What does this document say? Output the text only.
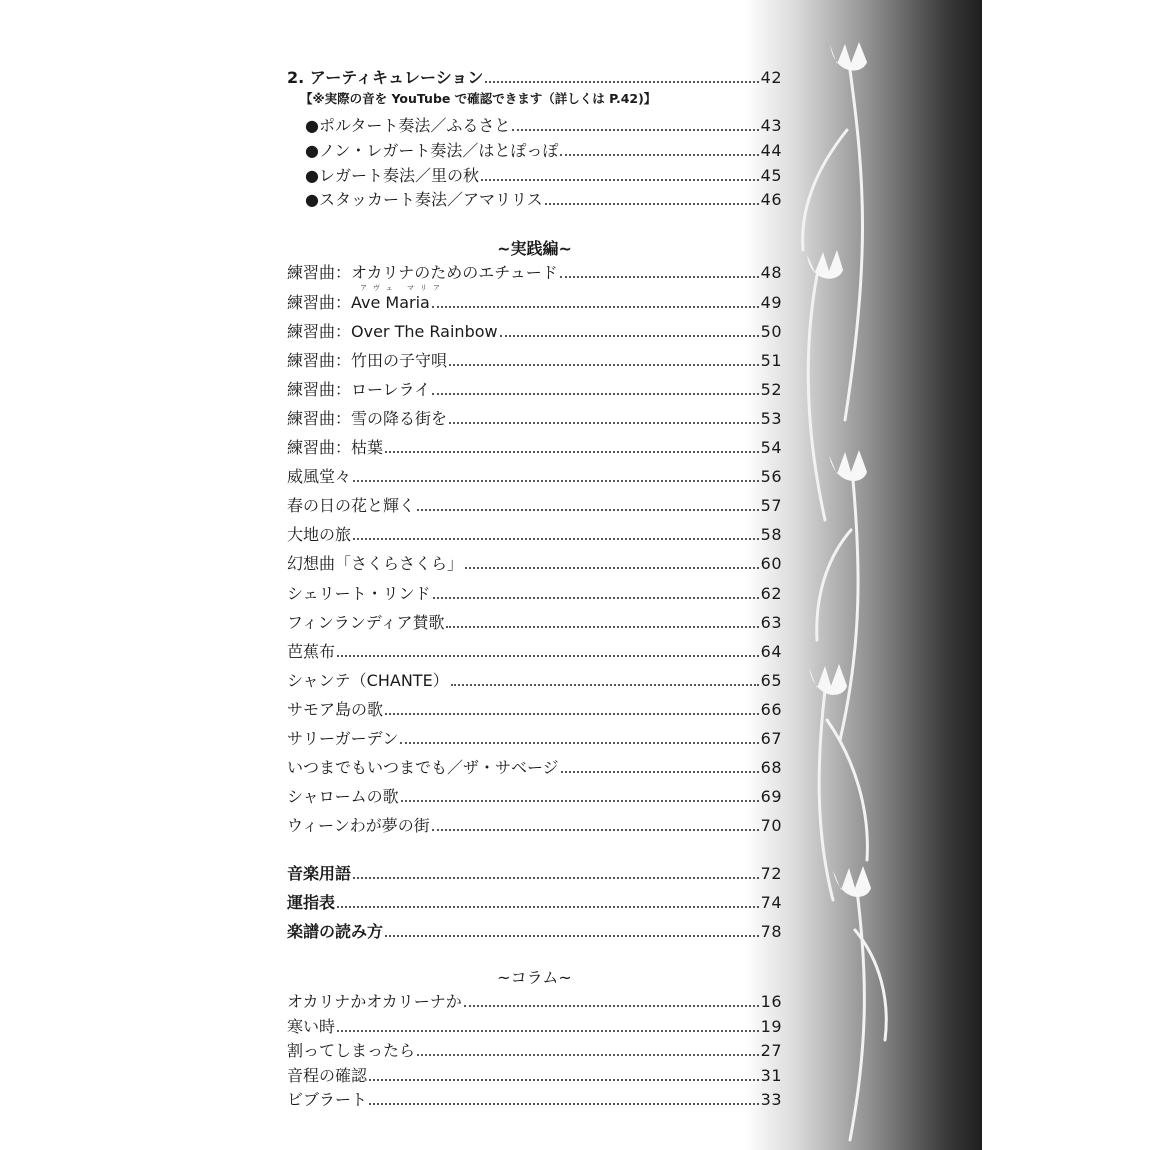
2. アーティキュレーション	42
【※実際の音を YouTube で確認できます（詳しくは P.42)】
●ポルタート奏法／ふるさと	43
●ノン・レガート奏法／はとぽっぽ	44
●レガート奏法／里の秋	45
●スタッカート奏法／アマリリス	46
~実践編~
アヴェ マリア
練習曲：オカリナのためのエチュード	48
練習曲：Ave Maria	49
練習曲：Over The Rainbow	50
練習曲：竹田の子守唄	51
練習曲：ローレライ	52
練習曲：雪の降る街を	53
練習曲：枯葉	54
威風堂々	56
春の日の花と輝く	57
大地の旅	58
幻想曲「さくらさくら」	60
シェリート・リンド	62
フィンランディア賛歌	63
芭蕉布	64
シャンテ（CHANTE）	65
サモア島の歌	66
サリーガーデン	67
いつまでもいつまでも／ザ・サベージ	68
シャロームの歌	69
ウィーンわが夢の街	70
音楽用語	72
運指表	74
楽譜の読み方	78
~コラム~
オカリナかオカリーナか	16
寒い時	19
割ってしまったら	27
音程の確認	31
ビブラート	33
